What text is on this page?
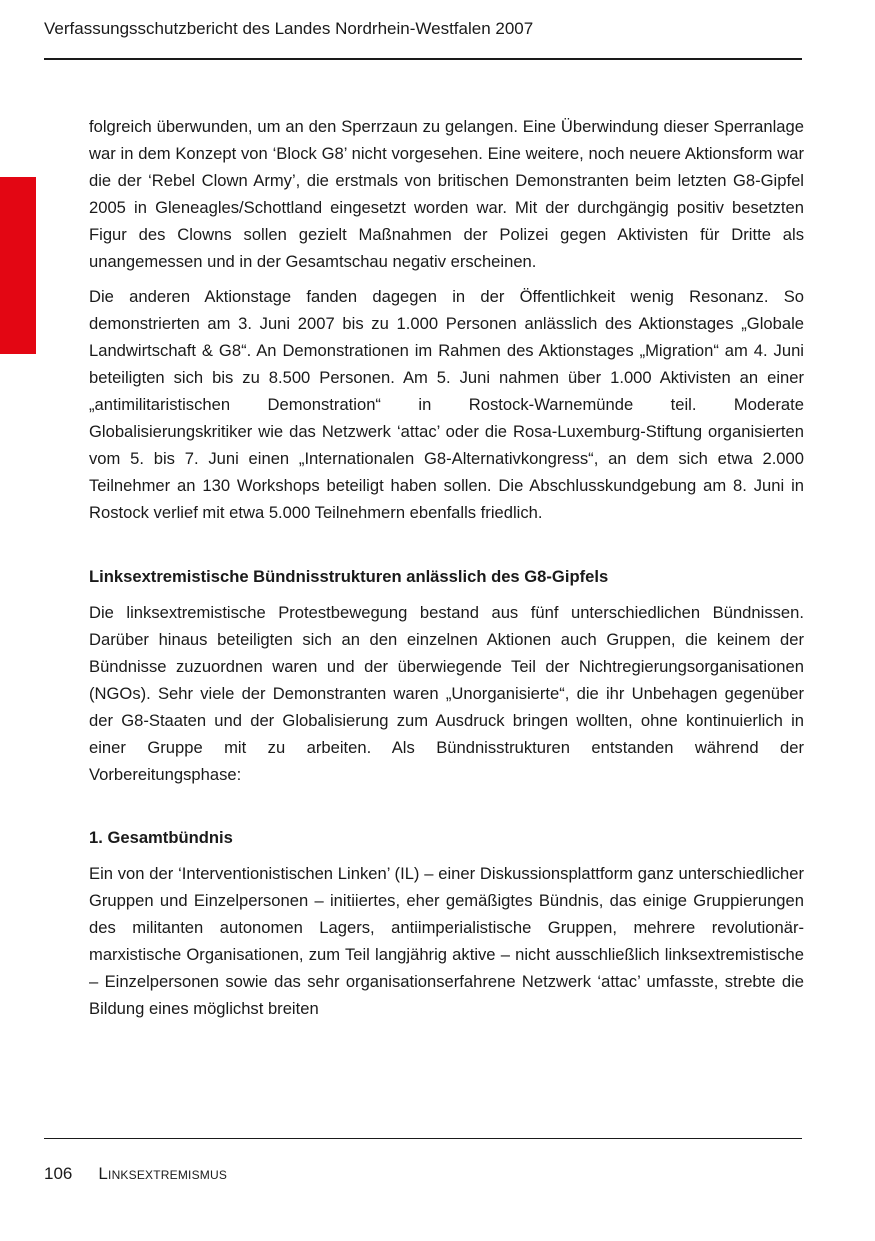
Verfassungsschutzbericht des Landes Nordrhein-Westfalen 2007

folgreich überwunden, um an den Sperrzaun zu gelangen. Eine Überwindung dieser Sperranlage war in dem Konzept von ‘Block G8’ nicht vorgesehen. Eine weitere, noch neuere Aktionsform war die der ‘Rebel Clown Army’, die erstmals von britischen Demonstranten beim letzten G8-Gipfel 2005 in Gleneagles/Schottland eingesetzt worden war. Mit der durchgängig positiv besetzten Figur des Clowns sollen gezielt Maßnahmen der Polizei gegen Aktivisten für Dritte als unangemessen und in der Gesamtschau negativ erscheinen.

Die anderen Aktionstage fanden dagegen in der Öffentlichkeit wenig Resonanz. So demonstrierten am 3. Juni 2007 bis zu 1.000 Personen anlässlich des Aktionstages „Globale Landwirtschaft & G8“. An Demonstrationen im Rahmen des Aktionstages „Migration“ am 4. Juni beteiligten sich bis zu 8.500 Personen. Am 5. Juni nahmen über 1.000 Aktivisten an einer „antimilitaristischen Demonstration“ in Rostock-Warnemünde teil. Moderate Globalisierungskritiker wie das Netzwerk ‘attac’ oder die Rosa-Luxemburg-Stiftung organisierten vom 5. bis 7. Juni einen „Internationalen G8-Alternativkongress“, an dem sich etwa 2.000 Teilnehmer an 130 Workshops beteiligt haben sollen. Die Abschlusskundgebung am 8. Juni in Rostock verlief mit etwa 5.000 Teilnehmern ebenfalls friedlich.

Linksextremistische Bündnisstrukturen anlässlich des G8-Gipfels

Die linksextremistische Protestbewegung bestand aus fünf unterschiedlichen Bündnissen. Darüber hinaus beteiligten sich an den einzelnen Aktionen auch Gruppen, die keinem der Bündnisse zuzuordnen waren und der überwiegende Teil der Nichtregierungsorganisationen (NGOs). Sehr viele der Demonstranten waren „Unorganisierte“, die ihr Unbehagen gegenüber der G8-Staaten und der Globalisierung zum Ausdruck bringen wollten, ohne kontinuierlich in einer Gruppe mit zu arbeiten. Als Bündnisstrukturen entstanden während der Vorbereitungsphase:

1. Gesamtbündnis

Ein von der ‘Interventionistischen Linken’ (IL) – einer Diskussionsplattform ganz unterschiedlicher Gruppen und Einzelpersonen – initiiertes, eher gemäßigtes Bündnis, das einige Gruppierungen des militanten autonomen Lagers, antiimperialistische Gruppen, mehrere revolutionär-marxistische Organisationen, zum Teil langjährig aktive – nicht ausschließlich linksextremistische – Einzelpersonen sowie das sehr organisationserfahrene Netzwerk ‘attac’ umfasste, strebte die Bildung eines möglichst breiten

106 Linksextremismus
